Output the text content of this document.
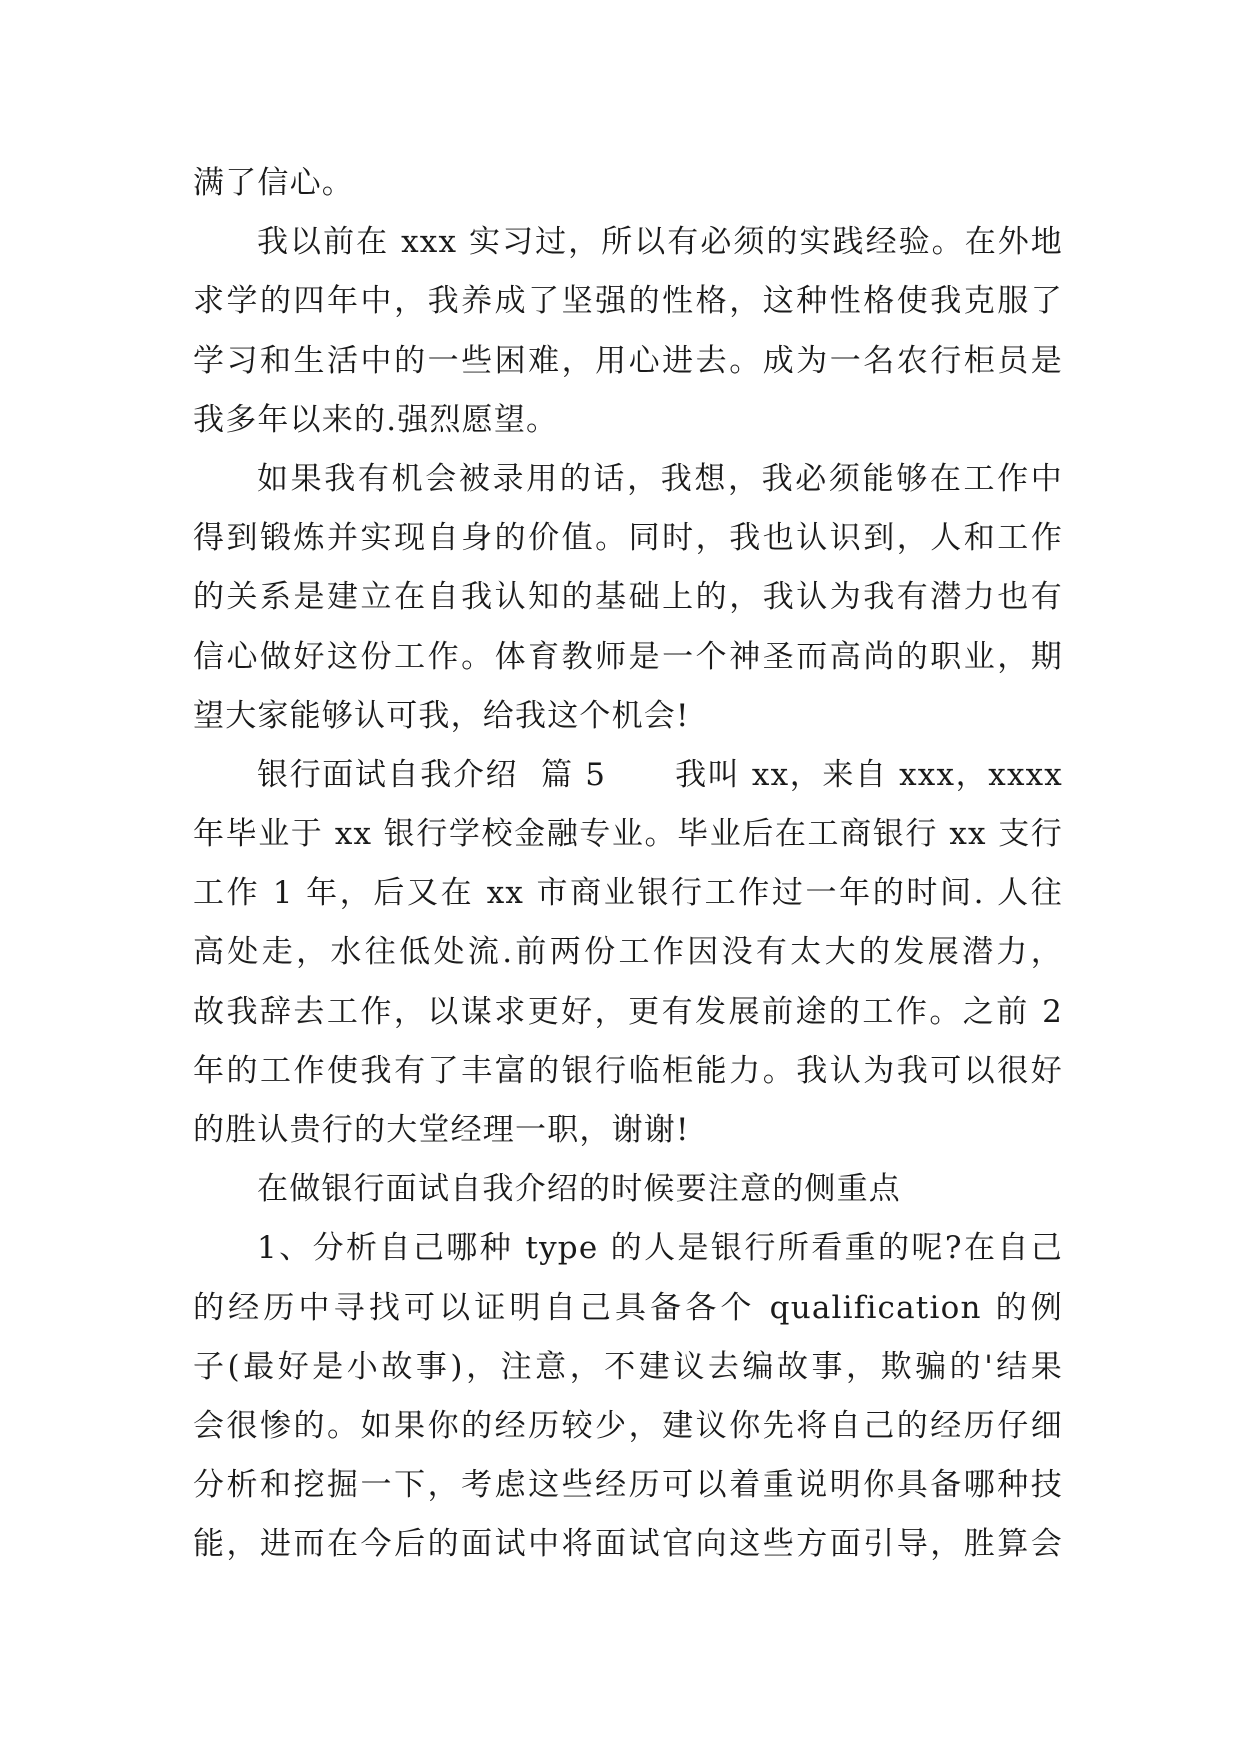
满了信心。
我以前在 xxx 实习过，所以有必须的实践经验。在外地
求学的四年中，我养成了坚强的性格，这种性格使我克服了
学习和生活中的一些困难，用心进去。成为一名农行柜员是
我多年以来的.强烈愿望。
如果我有机会被录用的话，我想，我必须能够在工作中
得到锻炼并实现自身的价值。同时，我也认识到，人和工作
的关系是建立在自我认知的基础上的，我认为我有潜力也有
信心做好这份工作。体育教师是一个神圣而高尚的职业，期
望大家能够认可我，给我这个机会!
银行面试自我介绍  篇 5      我叫 xx，来自 xxx，xxxx
年毕业于 xx 银行学校金融专业。毕业后在工商银行 xx 支行
工作 1 年，后又在 xx 市商业银行工作过一年的时间. 人往
高处走，水往低处流.前两份工作因没有太大的发展潜力，
故我辞去工作，以谋求更好，更有发展前途的工作。之前 2
年的工作使我有了丰富的银行临柜能力。我认为我可以很好
的胜认贵行的大堂经理一职，谢谢!
在做银行面试自我介绍的时候要注意的侧重点
1、分析自己哪种 type 的人是银行所看重的呢?在自己
的经历中寻找可以证明自己具备各个 qualification 的例
子(最好是小故事)，注意，不建议去编故事，欺骗的'结果
会很惨的。如果你的经历较少，建议你先将自己的经历仔细
分析和挖掘一下，考虑这些经历可以着重说明你具备哪种技
能，进而在今后的面试中将面试官向这些方面引导，胜算会
